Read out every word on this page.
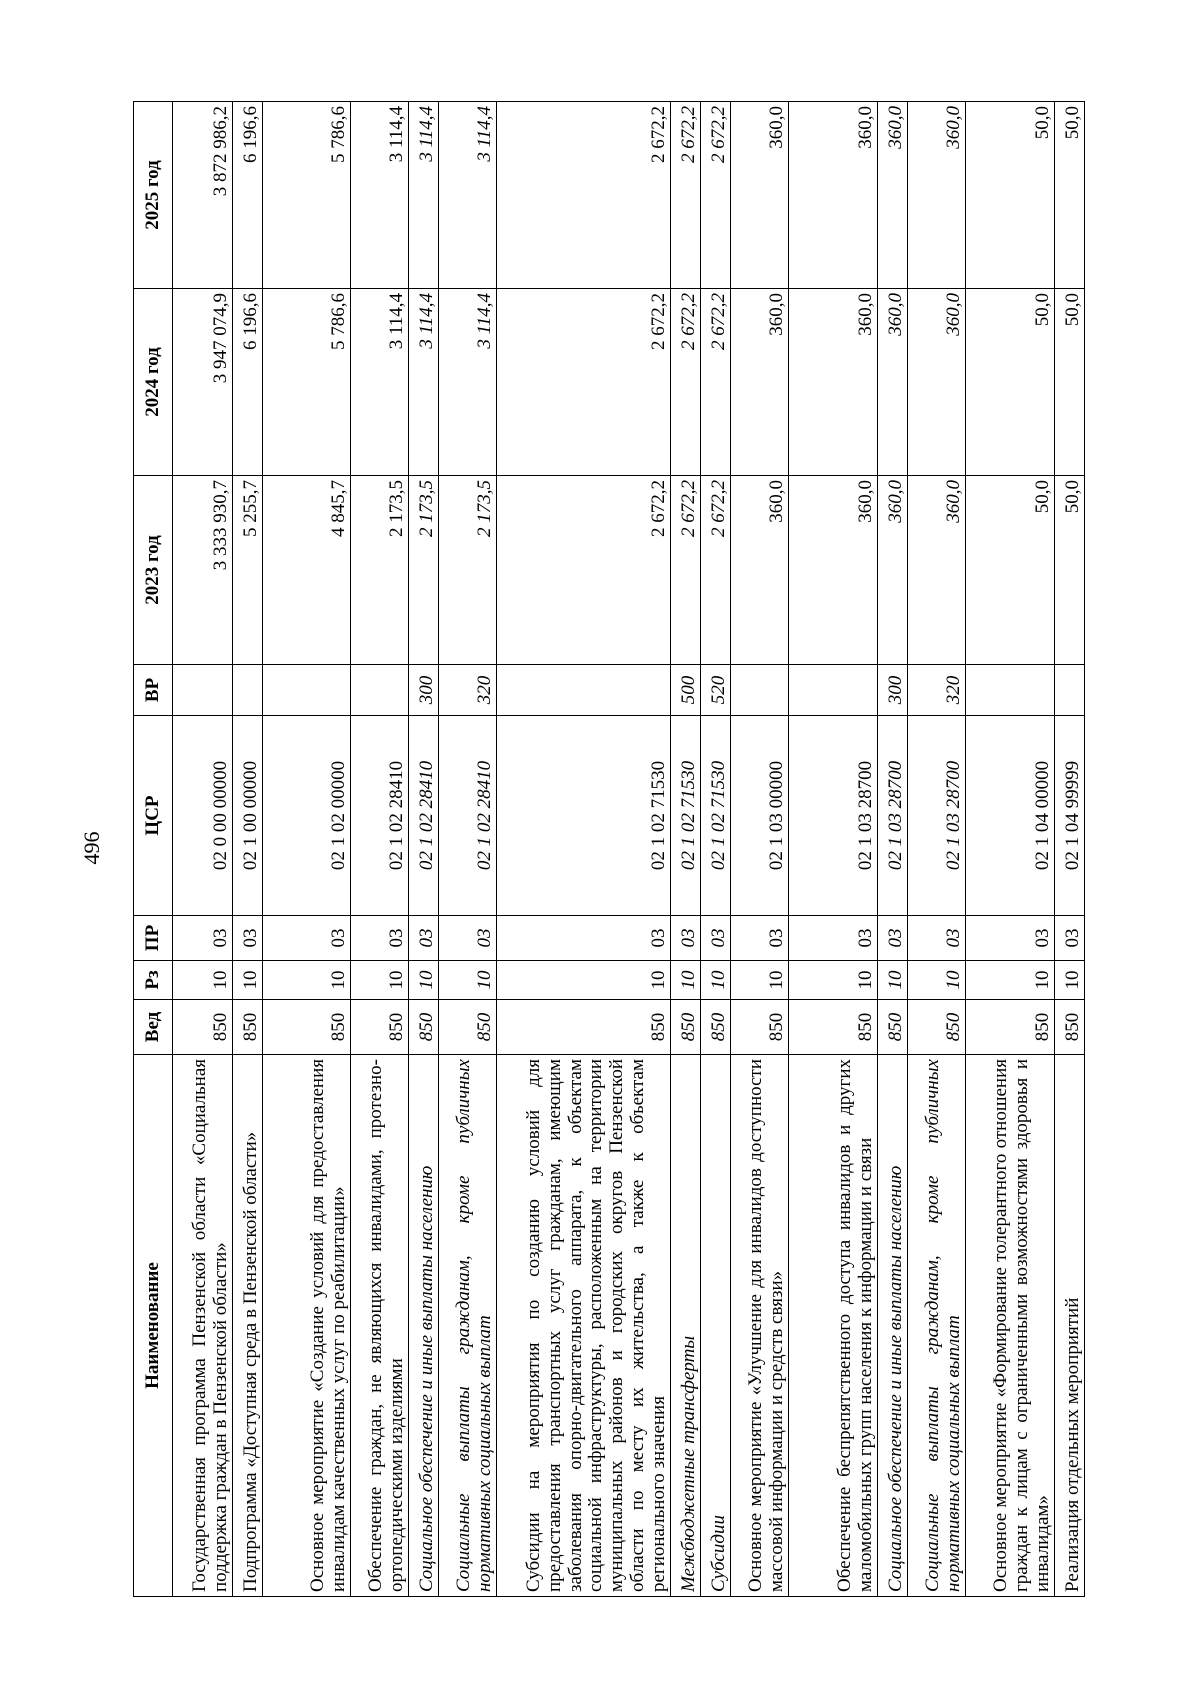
496
Наименование	Вед	Рз	ПР	ЦСР	ВР	2023 год	2024 год	2025 год
Государственная программа Пензенской области «Социальная поддержка граждан в Пензенской области»	850	10	03	02 0 00 00000		3 333 930,7	3 947 074,9	3 872 986,2
Подпрограмма «Доступная среда в Пензенской области»	850	10	03	02 1 00 00000		5 255,7	6 196,6	6 196,6
Основное мероприятие «Создание условий для предоставления инвалидам качественных услуг по реабилитации»	850	10	03	02 1 02 00000		4 845,7	5 786,6	5 786,6
Обеспечение граждан, не являющихся инвалидами, протезно-ортопедическими изделиями	850	10	03	02 1 02 28410		2 173,5	3 114,4	3 114,4
Социальное обеспечение и иные выплаты населению	850	10	03	02 1 02 28410	300	2 173,5	3 114,4	3 114,4
Социальные выплаты гражданам, кроме публичных нормативных социальных выплат	850	10	03	02 1 02 28410	320	2 173,5	3 114,4	3 114,4
Субсидии на мероприятия по созданию условий для предоставления транспортных услуг гражданам, имеющим заболевания опорно-двигательного аппарата, к объектам социальной инфраструктуры, расположенным на территории муниципальных районов и городских округов Пензенской области по месту их жительства, а также к объектам регионального значения	850	10	03	02 1 02 71530		2 672,2	2 672,2	2 672,2
Межбюджетные трансферты	850	10	03	02 1 02 71530	500	2 672,2	2 672,2	2 672,2
Субсидии	850	10	03	02 1 02 71530	520	2 672,2	2 672,2	2 672,2
Основное мероприятие «Улучшение для инвалидов доступности массовой информации и средств связи»	850	10	03	02 1 03 00000		360,0	360,0	360,0
Обеспечение беспрепятственного доступа инвалидов и других маломобильных групп населения к информации и связи	850	10	03	02 1 03 28700		360,0	360,0	360,0
Социальное обеспечение и иные выплаты населению	850	10	03	02 1 03 28700	300	360,0	360,0	360,0
Социальные выплаты гражданам, кроме публичных нормативных социальных выплат	850	10	03	02 1 03 28700	320	360,0	360,0	360,0
Основное мероприятие «Формирование толерантного отношения граждан к лицам с ограниченными возможностями здоровья и инвалидам»	850	10	03	02 1 04 00000		50,0	50,0	50,0
Реализация отдельных мероприятий	850	10	03	02 1 04 99999		50,0	50,0	50,0
